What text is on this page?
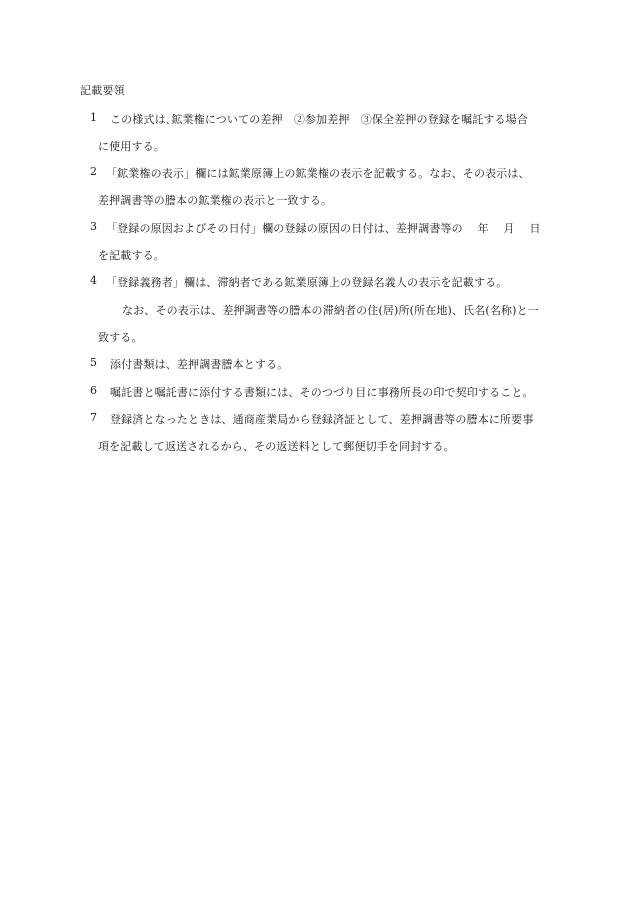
記載要領
1 この様式は､鉱業権についての差押　②参加差押　③保全差押の登録を嘱託する場合
に使用する。
2 「鉱業権の表示」欄には鉱業原簿上の鉱業権の表示を記載する。なお、その表示は、
差押調書等の謄本の鉱業権の表示と一致する。
3 「登録の原因およびその日付」欄の登録の原因の日付は、差押調書等の　 年　 月　 日
を記載する。
4 「登録義務者」欄は、滞納者である鉱業原簿上の登録名義人の表示を記載する。
なお、その表示は、差押調書等の謄本の滞納者の住(居)所(所在地)、氏名(名称)と一
致する。
5 添付書類は、差押調書謄本とする。
6 嘱託書と嘱託書に添付する書類には、そのつづり目に事務所長の印で契印すること。
7 登録済となったときは、通商産業局から登録済証として、差押調書等の謄本に所要事
項を記載して返送されるから、その返送料として郵便切手を同封する。
